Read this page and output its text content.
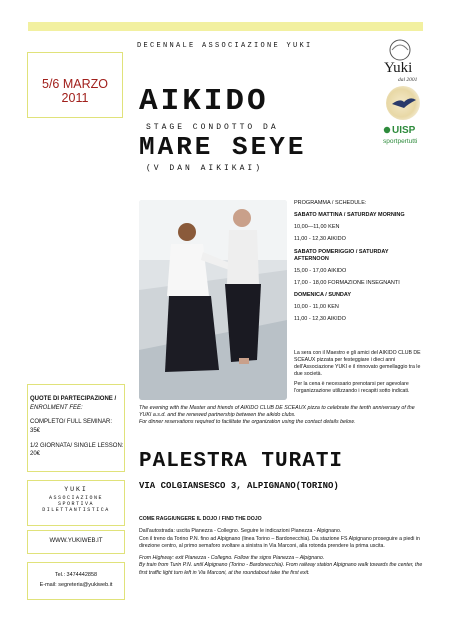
DECENNALE ASSOCIAZIONE YUKI
5/6 MARZO 2011	AIKIDO
STAGE CONDOTTO DA
MARE SEYE
(V DAN AIKIKAI)
Yuki
dal 2001
UISP
sportpertutti
PROGRAMMA / SCHEDULE:
SABATO MATTINA / SATURDAY MORNING
10,00—11,00 KEN
11,00 - 12,30 AIKIDO
SABATO POMERIGGIO / SATURDAY AFTERNOON
15,00 - 17,00 AIKIDO
17,00 - 18,00 FORMAZIONE INSEGNANTI
DOMENICA / SUNDAY
10,00 - 11,00 KEN
11,00 - 12,30 AIKIDO
La sera con il Maestro e gli amici del AIKIDO CLUB DE SCEAUX pizzata per festeggiare i dieci anni dell'Associazione YUKI e il rinnovato gemellaggio tra le due società.
Per la cena è necessario prenotarsi per agevolare l'organizzazione utilizzando i recapiti sotto indicati.
The evening with the Master and friends of AIKIDO CLUB DE SCEAUX pizza to celebrate the tenth anniversary of the YUKI a.s.d. and the renewed partnership between the aikido clubs.
For dinner reservations required to facilitate the organization using the contact details below.
QUOTE DI PARTECIPAZIONE /
ENROLMENT FEE:
COMPLETO/ FULL SEMINAR:
35€
1/2 GIORNATA/ SINGLE LESSON: 20€
YUKI
ASSOCIAZIONE
SPORTIVA
DILETTANTISTICA
WWW.YUKIWEB.IT
Tel.: 3474442858
E-mail: segreteria@yukiweb.it
PALESTRA TURATI
VIA COLGIANSESCO 3, ALPIGNANO(TORINO)

COME RAGGIUNGERE IL DOJO / FIND THE DOJO

Dall'autostrada: uscita Pianezza - Collegno. Seguire le indicazioni Pianezza - Alpignano.

Con il treno da Torino P.N. fino ad Alpignano (linea Torino – Bardonecchia). Da stazione FS Alpignano proseguire a piedi in direzione centro, al primo semaforo svoltare a sinistra in Via Marconi, alla rotonda prendere la prima uscita.

From Highway: exit Pianezza - Collegno. Follow the signs Pianezza – Alpignano.

By train from Turin P.N. until Alpignano (Torino - Bardonecchia). From railway station Alpignano walk towards the center, the first traffic light turn left in Via Marconi, at the roundabout take the first exit.
